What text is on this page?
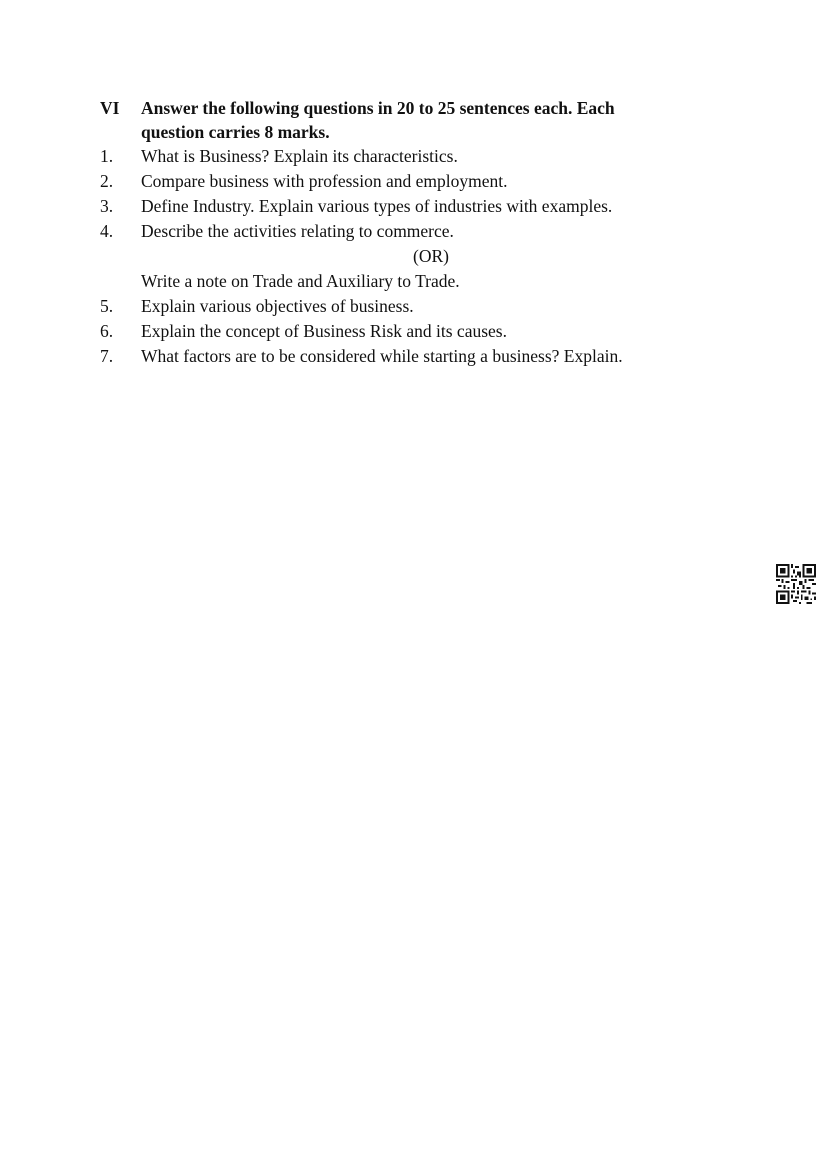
VI Answer the following questions in 20 to 25 sentences each. Each question carries 8 marks.
1. What is Business? Explain its characteristics.
2. Compare business with profession and employment.
3. Define Industry. Explain various types of industries with examples.
4. Describe the activities relating to commerce.
(OR)
Write a note on Trade and Auxiliary to Trade.
5. Explain various objectives of business.
6. Explain the concept of Business Risk and its causes.
7. What factors are to be considered while starting a business? Explain.
